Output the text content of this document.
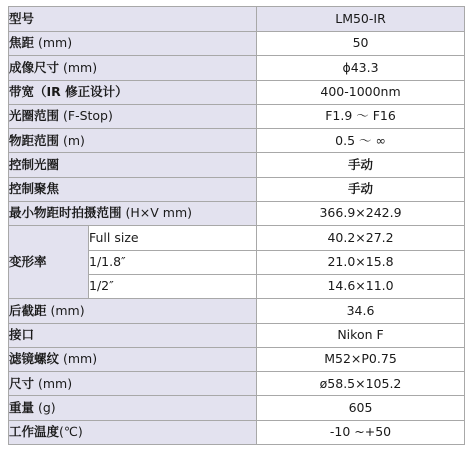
型号		LM50-IR
焦距 (mm)		50
成像尺寸 (mm)		ϕ43.3
带宽（IR 修正设计）		400-1000nm
光圈范围 (F-Stop)		F1.9 ～ F16
物距范围 (m)		0.5 ～ ∞
控制光圈		手动
控制聚焦		手动
最小物距时拍摄范围 (H×V mm)		366.9×242.9
变形率	Full size	40.2×27.2
	1/1.8″	21.0×15.8
	1/2″	14.6×11.0
后截距 (mm)		34.6
接口		Nikon F
滤镜螺纹 (mm)		M52×P0.75
尺寸 (mm)		ø58.5×105.2
重量 (g)		605
工作温度(℃)		-10 ~+50
